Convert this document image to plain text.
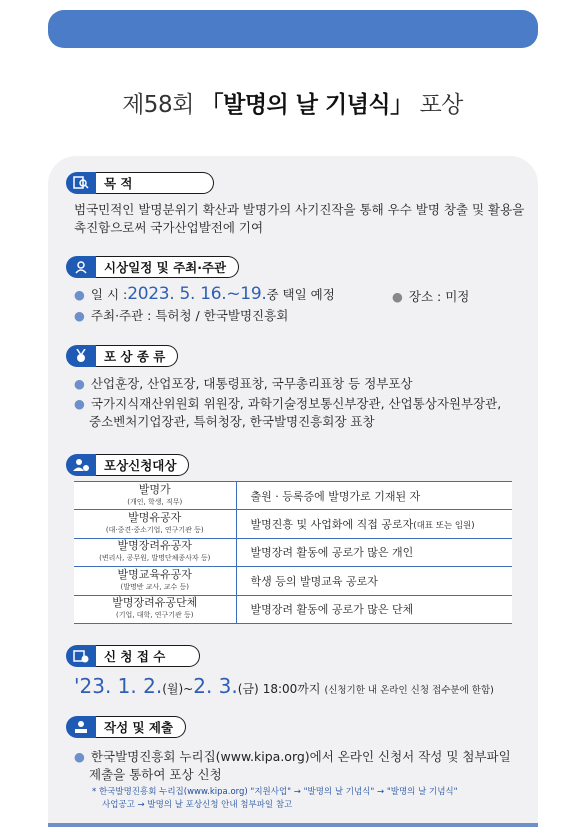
제58회 「발명의 날 기념식」 포상
목 적
범국민적인 발명분위기 확산과 발명가의 사기진작을 통해 우수 발명 창출 및 활용을
촉진함으로써 국가산업발전에 기여
시상일정 및 주최·주관
● 일 시 : 2023. 5. 16.~19. 중 택일 예정	● 장소 : 미정
● 주최·주관 : 특허청 / 한국발명진흥회
포 상 종 류
● 산업훈장, 산업포장, 대통령표창, 국무총리표창 등 정부포상
● 국가지식재산위원회 위원장, 과학기술정보통신부장관, 산업통상자원부장관,
중소벤처기업장관, 특허청장, 한국발명진흥회장 표창
포상신청대상
발명가
(개인, 학생, 직무)	출원 · 등록증에 발명가로 기재된 자

발명유공자
(대·중견·중소기업, 연구기관 등)	발명진흥 및 사업화에 직접 공로자(대표 또는 임원)

발명장려유공자
(변리사, 공무원, 발명단체종사자 등)	발명장려 활동에 공로가 많은 개인

발명교육유공자
(발명반 교사, 교수 등)	학생 등의 발명교육 공로자

발명장려유공단체
(기업, 대학, 연구기관 등)	발명장려 활동에 공로가 많은 단체
신 청 접 수
'23. 1. 2. (월) ~ 2. 3. (금) 18:00까지 (신청기한 내 온라인 신청 접수분에 한함)
작성 및 제출
● 한국발명진흥회 누리집(www.kipa.org)에서 온라인 신청서 작성 및 첨부파일
제출을 통하여 포상 신청
* 한국발명진흥회 누리집(www.kipa.org) "지원사업" → "발명의 날 기념식" → "발명의 날 기념식"
사업공고 → 발명의 날 포상신청 안내 첨부파일 참고
